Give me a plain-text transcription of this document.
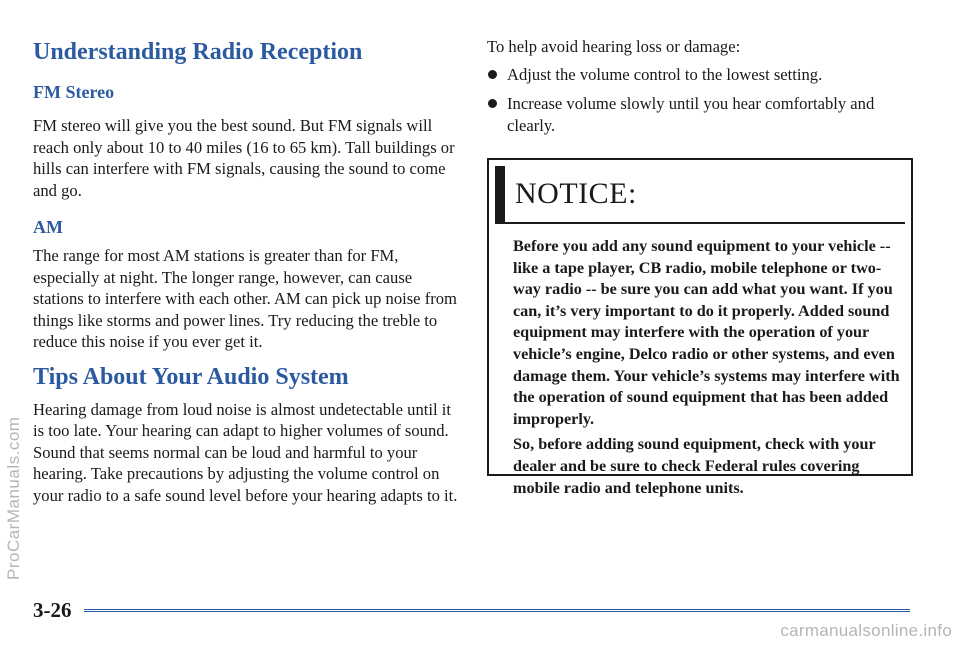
Understanding Radio Reception
FM Stereo

FM stereo will give you the best sound. But FM signals will reach only about 10 to 40 miles (16 to 65 km). Tall buildings or hills can interfere with FM signals, causing the sound to come and go.

AM

The range for most AM stations is greater than for FM, especially at night. The longer range, however, can cause stations to interfere with each other. AM can pick up noise from things like storms and power lines. Try reducing the treble to reduce this noise if you ever get it.

Tips About Your Audio System

Hearing damage from loud noise is almost undetectable until it is too late. Your hearing can adapt to higher volumes of sound. Sound that seems normal can be loud and harmful to your hearing. Take precautions by adjusting the volume control on your radio to a safe sound level before your hearing adapts to it.

To help avoid hearing loss or damage:

Adjust the volume control to the lowest setting.
Increase volume slowly until you hear comfortably and clearly.
NOTICE:

Before you add any sound equipment to your vehicle -- like a tape player, CB radio, mobile telephone or two-way radio -- be sure you can add what you want. If you can, it’s very important to do it properly. Added sound equipment may interfere with the operation of your vehicle’s engine, Delco radio or other systems, and even damage them. Your vehicle’s systems may interfere with the operation of sound equipment that has been added improperly.

So, before adding sound equipment, check with your dealer and be sure to check Federal rules covering mobile radio and telephone units.

3-26
ProCarManuals.com
carmanualsonline.info
